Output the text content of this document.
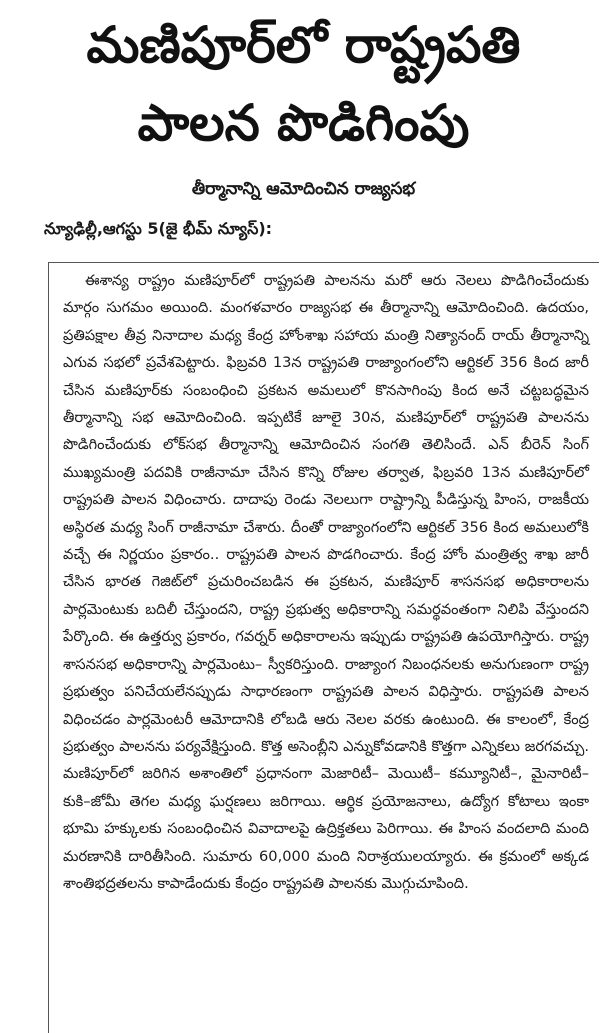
మణిపూర్‌లో రాష్ట్రపతి
పాలన పొడిగింపు
తీర్మానాన్ని ఆమోదించిన రాజ్యసభ
న్యూఢిల్లీ,ఆగస్టు 5(జై భీమ్ న్యూస్):

ఈశాన్య రాష్ట్రం మణిపూర్‌లో రాష్ట్రపతి పాలనను మరో ఆరు నెలలు పొడిగించేందుకు మార్గం సుగమం అయింది. మంగళవారం రాజ్యసభ ఈ తీర్మానాన్ని ఆమోదించింది. ఉదయం, ప్రతిపక్షాల తీవ్ర నినాదాల మధ్య కేంద్ర హోంశాఖ సహాయ మంత్రి నిత్యానంద్ రాయ్ తీర్మానాన్ని ఎగువ సభలో ప్రవేశపెట్టారు. ఫిబ్రవరి 13న రాష్ట్రపతి రాజ్యాంగంలోని ఆర్టికల్ 356 కింద జారీ చేసిన మణిపూర్‌కు సంబంధించి ప్రకటన అమలులో కొనసాగింపు కింద అనే చట్టబద్ధమైన తీర్మానాన్ని సభ ఆమోదించింది. ఇప్పటికే జూలై 30న, మణిపూర్‌లో రాష్ట్రపతి పాలనను పొడిగించేందుకు లోక్‌సభ తీర్మానాన్ని ఆమోదించిన సంగతి తెలిసిందే. ఎన్ బీరెన్ సింగ్ ముఖ్యమంత్రి పదవికి రాజీనామా చేసిన కొన్ని రోజుల తర్వాత, ఫిబ్రవరి 13న మణిపూర్‌లో రాష్ట్రపతి పాలన విధించారు. దాదాపు రెండు నెలలుగా రాష్ట్రాన్ని పీడిస్తున్న హింస, రాజకీయ అస్థిరత మధ్య సింగ్ రాజీనామా చేశారు. దీంతో రాజ్యాంగంలోని ఆర్టికల్ 356 కింద అమలులోకి వచ్చే ఈ నిర్ణయం ప్రకారం.. రాష్ట్రపతి పాలన పొడగించారు. కేంద్ర హోం మంత్రిత్వ శాఖ జారీ చేసిన భారత గెజిట్‌లో ప్రచురించబడిన ఈ ప్రకటన, మణిపూర్ శాసనసభ అధికారాలను పార్లమెంటుకు బదిలీ చేస్తుందని, రాష్ట్ర ప్రభుత్వ అధికారాన్ని సమర్థవంతంగా నిలిపి వేస్తుందని పేర్కొంది. ఈ ఉత్తర్వు ప్రకారం, గవర్నర్ అధికారాలను ఇప్పుడు రాష్ట్రపతి ఉపయోగిస్తారు. రాష్ట్ర శాసనసభ అధికారాన్ని పార్లమెంటు– స్వీకరిస్తుంది. రాజ్యాంగ నిబంధనలకు అనుగుణంగా రాష్ట్ర ప్రభుత్వం పనిచేయలేనప్పుడు సాధారణంగా రాష్ట్రపతి పాలన విధిస్తారు. రాష్ట్రపతి పాలన విధించడం పార్లమెంటరీ ఆమోదానికి లోబడి ఆరు నెలల వరకు ఉంటుంది. ఈ కాలంలో, కేంద్ర ప్రభుత్వం పాలనను పర్యవేక్షిస్తుంది. కొత్త అసెంబ్లీని ఎన్నుకోవడానికి కొత్తగా ఎన్నికలు జరగవచ్చు. మణిపూర్‌లో జరిగిన అశాంతిలో ప్రధానంగా మెజారిటీ– మెయిటీ– కమ్యూనిటీ–, మైనారిటీ– కుకి–జోమీ తెగల మధ్య ఘర్షణలు జరిగాయి. ఆర్థిక ప్రయోజనాలు, ఉద్యోగ కోటాలు ఇంకా భూమి హక్కులకు సంబంధించిన వివాదాలపై ఉద్రిక్తతలు పెరిగాయి. ఈ హింస వందలాది మంది మరణానికి దారితీసింది. సుమారు 60,000 మంది నిరాశ్రయులయ్యారు. ఈ క్రమంలో అక్కడ శాంతిభద్రతలను కాపాడేందుకు కేంద్రం రాష్ట్రపతి పాలనకు మొగ్గుచూపింది.
